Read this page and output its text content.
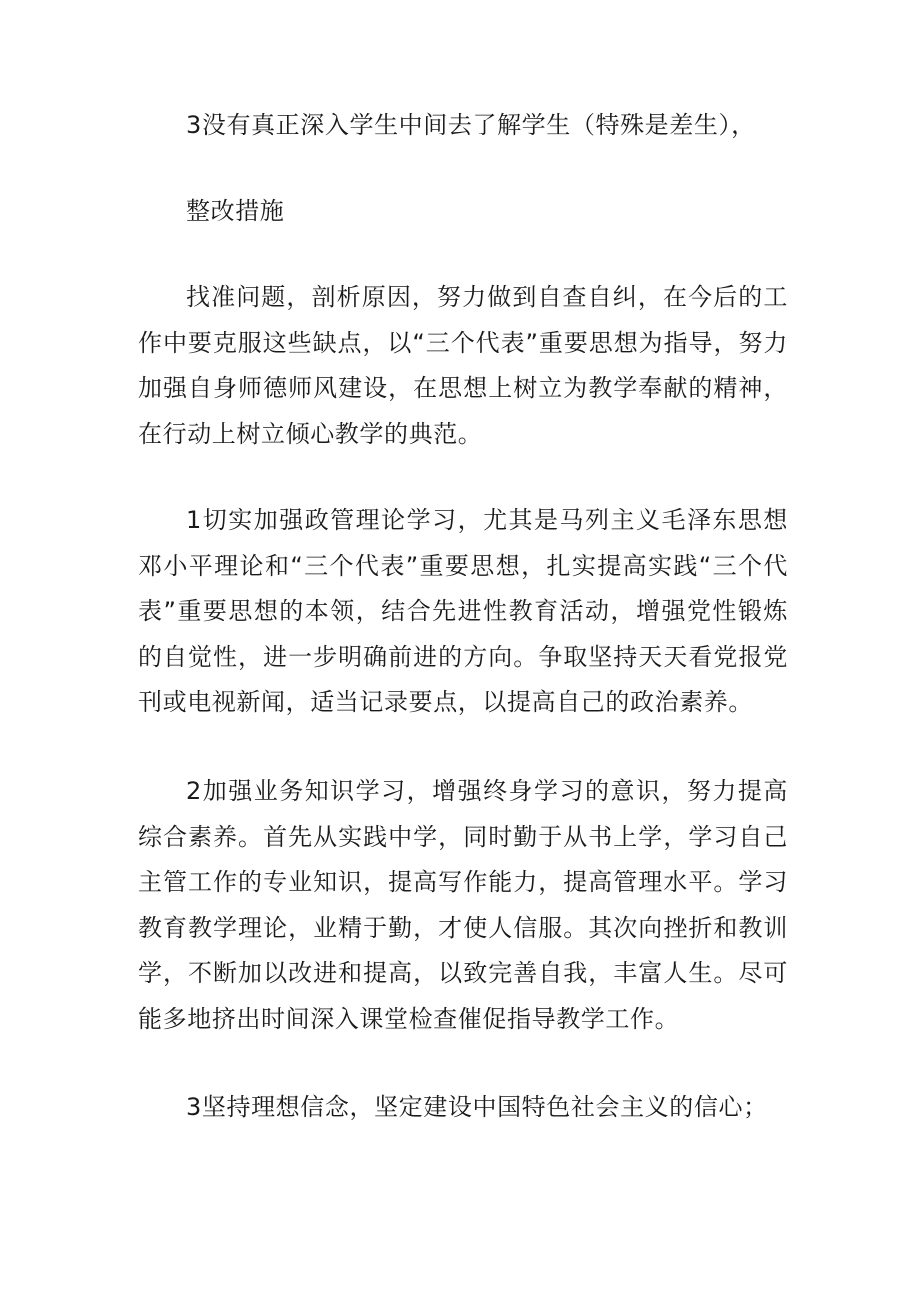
3没有真正深入学生中间去了解学生（特殊是差生），

整改措施

找准问题，剖析原因，努力做到自查自纠，在今后的工作中要克服这些缺点，以“三个代表”重要思想为指导，努力加强自身师德师风建设，在思想上树立为教学奉献的精神，在行动上树立倾心教学的典范。

1切实加强政管理论学习，尤其是马列主义毛泽东思想邓小平理论和“三个代表”重要思想，扎实提高实践“三个代表”重要思想的本领，结合先进性教育活动，增强党性锻炼的自觉性，进一步明确前进的方向。争取坚持天天看党报党刊或电视新闻，适当记录要点，以提高自己的政治素养。

2加强业务知识学习，增强终身学习的意识，努力提高综合素养。首先从实践中学，同时勤于从书上学，学习自己主管工作的专业知识，提高写作能力，提高管理水平。学习教育教学理论，业精于勤，才使人信服。其次向挫折和教训学，不断加以改进和提高，以致完善自我，丰富人生。尽可能多地挤出时间深入课堂检查催促指导教学工作。

3坚持理想信念，坚定建设中国特色社会主义的信心；
